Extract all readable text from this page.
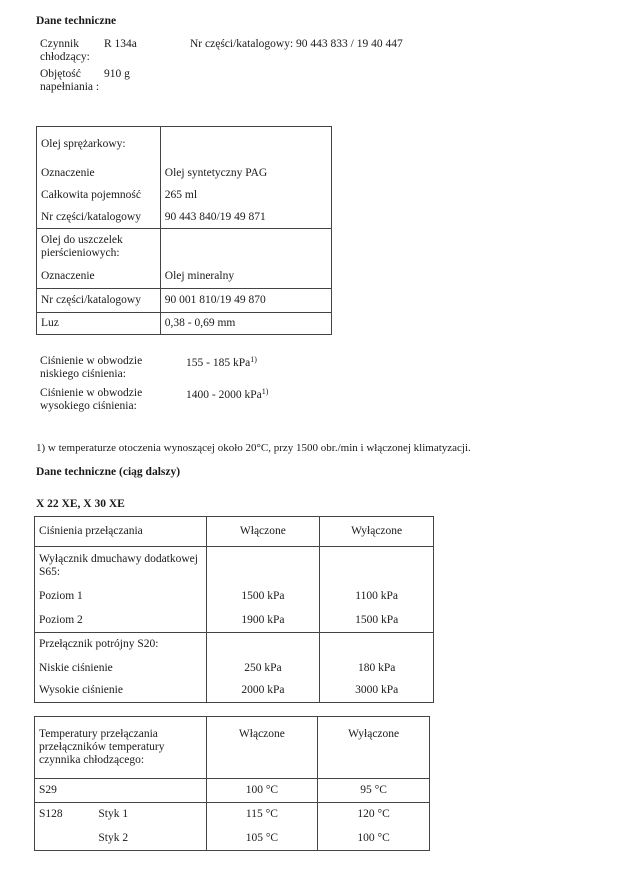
Dane techniczne
Czynnik chłodzący:
R 134a	Nr części/katalogowy: 90 443 833 / 19 40 447
Objętość napełniania :
910 g
Olej sprężarkowy:	
Oznaczenie	Olej syntetyczny PAG
Całkowita pojemność	265 ml
Nr części/katalogowy	90 443 840/19 49 871
Olej do uszczelek pierścieniowych:	
Oznaczenie	Olej mineralny
Nr części/katalogowy	90 001 810/19 49 870
Luz	0,38 - 0,69 mm
Ciśnienie w obwodzie niskiego ciśnienia:
155 - 185 kPa$^{1)}$
Ciśnienie w obwodzie wysokiego ciśnienia:
1400 - 2000 kPa$^{1)}$
1) w temperaturze otoczenia wynoszącej około 20°C, przy 1500 obr./min i włączonej klimatyzacji.
Dane techniczne (ciąg dalszy)
X 22 XE, X 30 XE
Ciśnienia przełączania	Włączone	Wyłączone
Wyłącznik dmuchawy dodatkowej S65:		
Poziom 1	1500 kPa	1100 kPa
Poziom 2	1900 kPa	1500 kPa
Przełącznik potrójny S20:		
Niskie ciśnienie	250 kPa	180 kPa
Wysokie ciśnienie	2000 kPa	3000 kPa
Temperatury przełączania przełączników temperatury czynnika chłodzącego:		Włączone	Wyłączone
S29		100 °C	95 °C
S128	Styk 1	115 °C	120 °C
	Styk 2	105 °C	100 °C
